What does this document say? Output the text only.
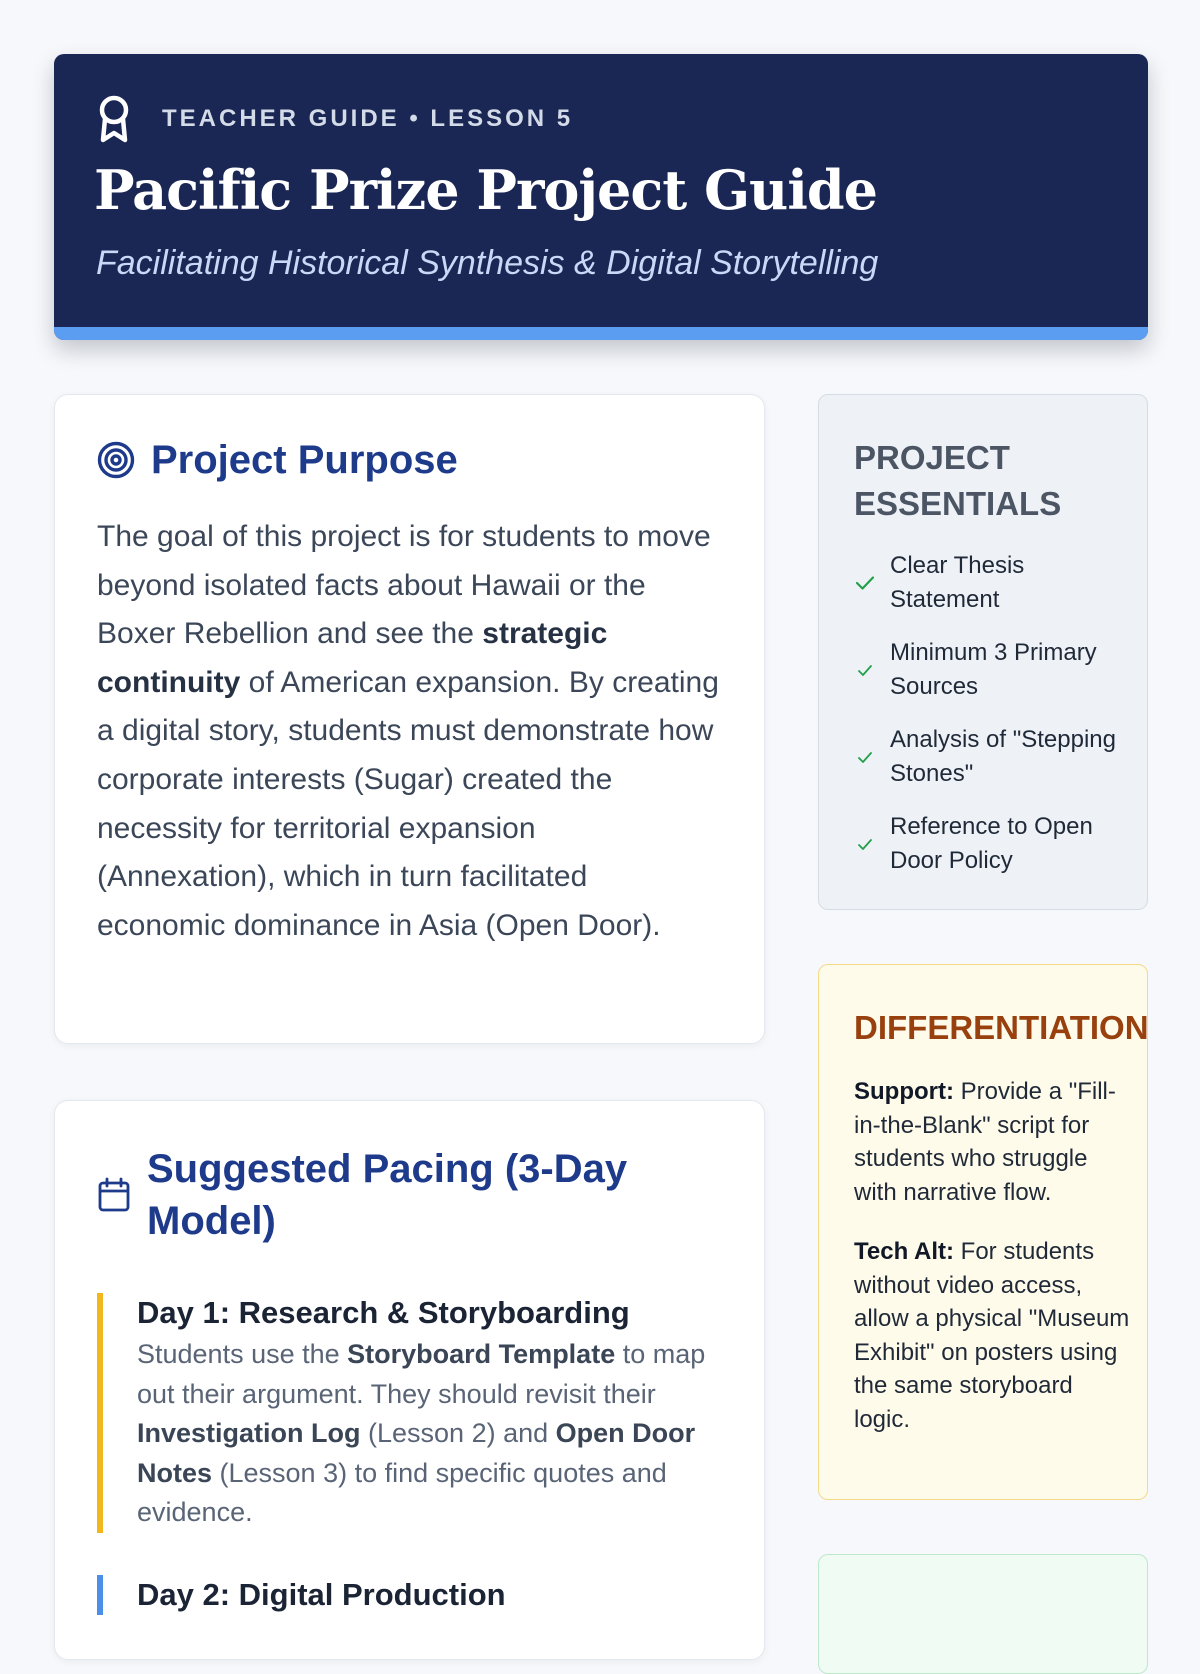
TEACHER GUIDE • LESSON 5
Pacific Prize Project Guide
Facilitating Historical Synthesis & Digital Storytelling
Project Purpose

The goal of this project is for students to move beyond isolated facts about Hawaii or the Boxer Rebellion and see the strategic continuity of American expansion. By creating a digital story, students must demonstrate how corporate interests (Sugar) created the necessity for territorial expansion (Annexation), which in turn facilitated economic dominance in Asia (Open Door).

Suggested Pacing (3-Day Model)

Day 1: Research & Storyboarding

Students use the Storyboard Template to map out their argument. They should revisit their Investigation Log (Lesson 2) and Open Door Notes (Lesson 3) to find specific quotes and evidence.

Day 2: Digital Production

PROJECT ESSENTIALS
Clear Thesis Statement
Minimum 3 Primary Sources
Analysis of "Stepping Stones"
Reference to Open Door Policy
DIFFERENTIATION

Support: Provide a "Fill-in-the-Blank" script for students who struggle with narrative flow.

Tech Alt: For students without video access, allow a physical "Museum Exhibit" on posters using the same storyboard logic.
